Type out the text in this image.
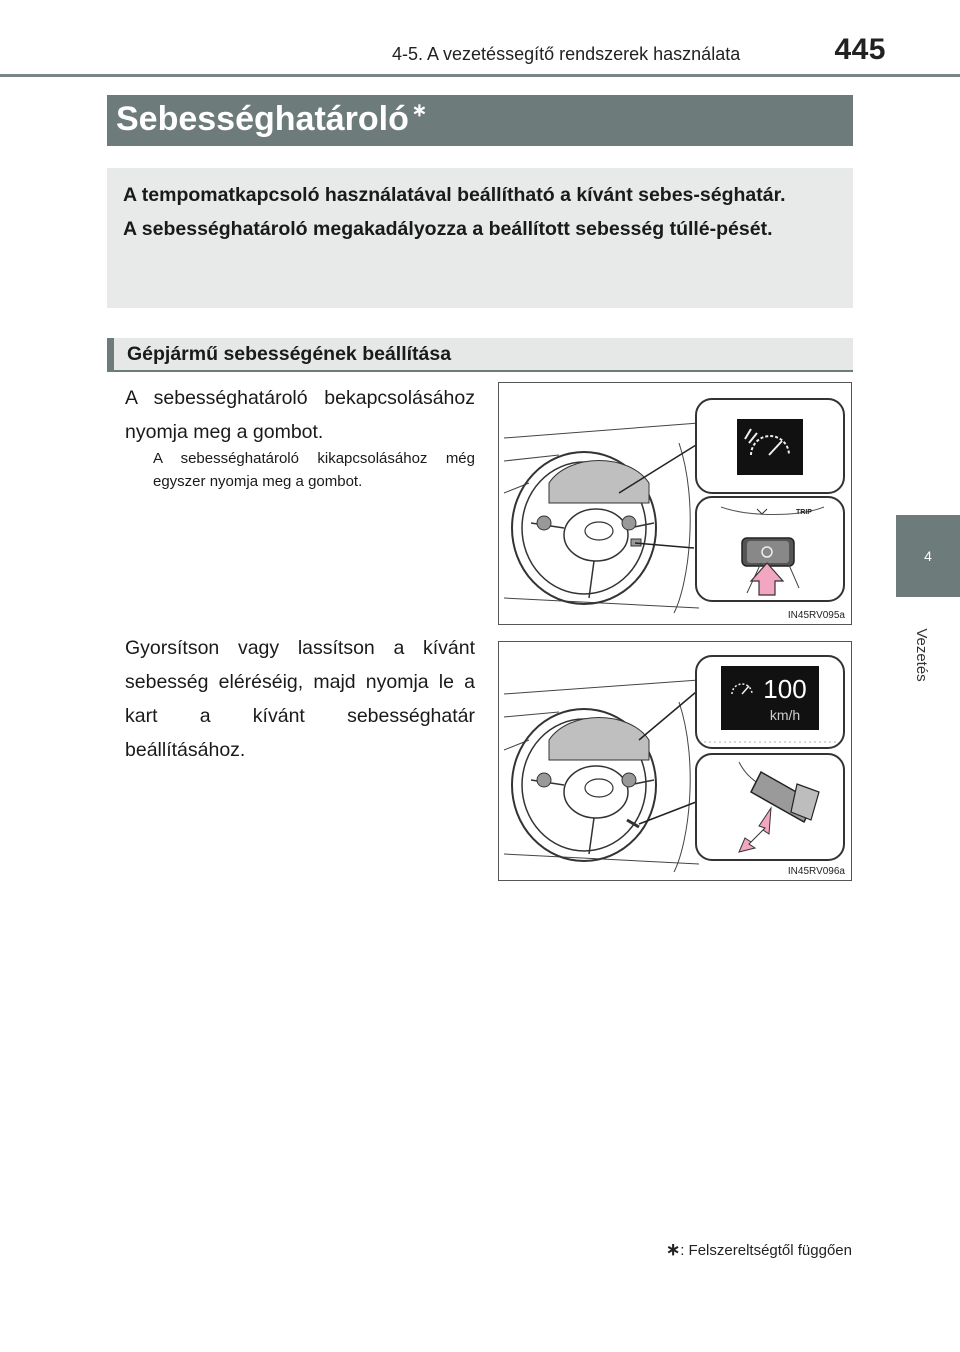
4-5. A vezetéssegítő rendszerek használata	445
4
Vezetés
Sebességhatároló ∗

A tempomatkapcsoló használatával beállítható a kívánt sebes-séghatár.

A sebességhatároló megakadályozza a beállított sebesség túllé-pését.

Gépjármű sebességének beállítása
A sebességhatároló bekapcsolásához nyomja meg a gombot.
A sebességhatároló kikapcsolásához még egyszer nyomja meg a gombot.
Gyorsítson vagy lassítson a kívánt sebesség eléréséig, majd nyomja le a kart a kívánt sebességhatár beállításához.
TRIP
IN45RV095a
100
km/h
IN45RV096a
∗: Felszereltségtől függően
